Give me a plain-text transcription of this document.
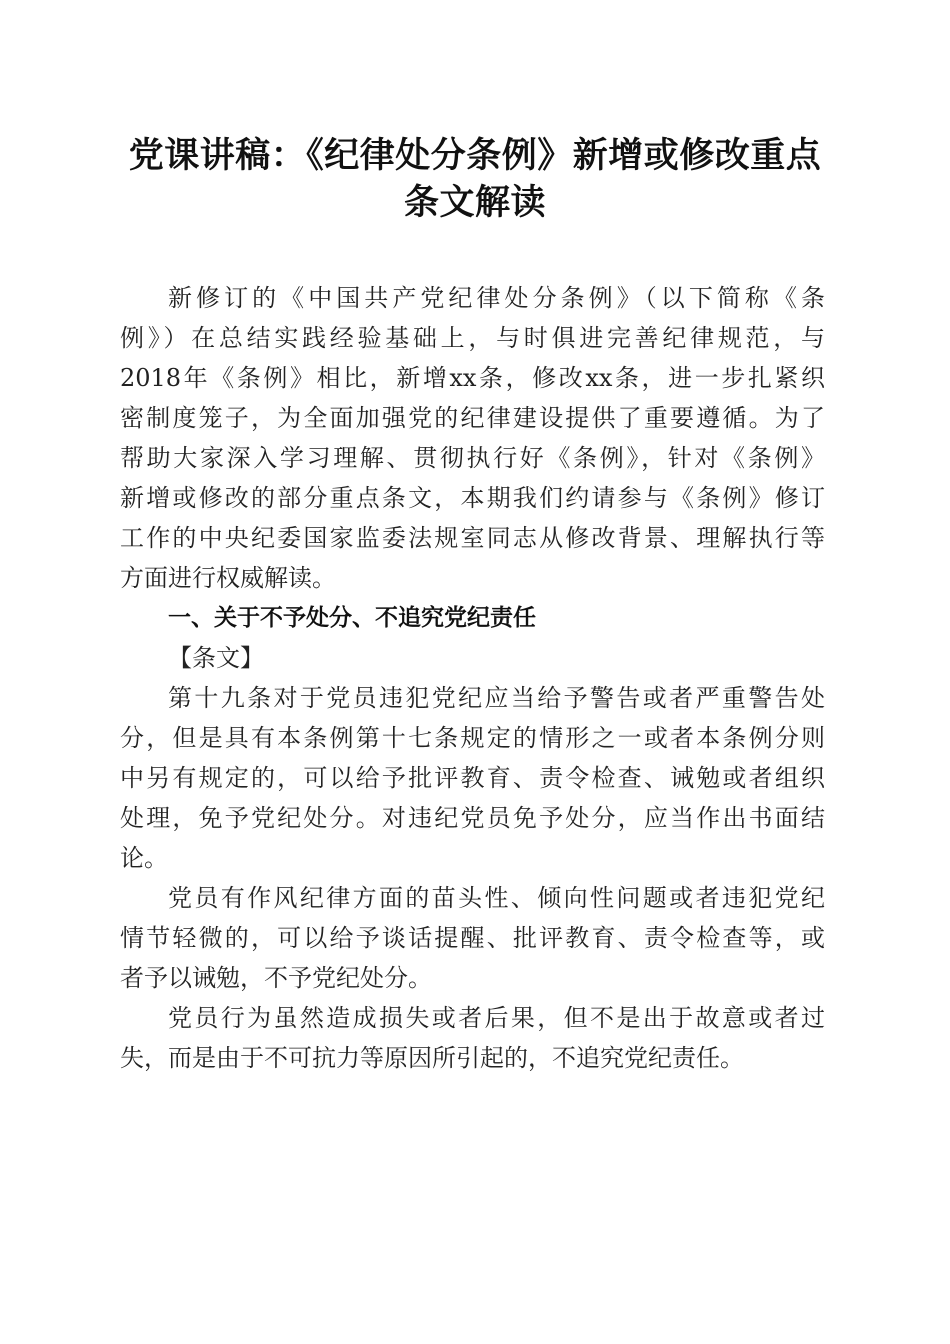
党课讲稿：《纪律处分条例》新增或修改重点
条文解读
新修订的《中国共产党纪律处分条例》（以下简称《条
例》）在总结实践经验基础上，与时俱进完善纪律规范，与
2018年《条例》相比，新增xx条，修改xx条，进一步扎紧织
密制度笼子，为全面加强党的纪律建设提供了重要遵循。为了
帮助大家深入学习理解、贯彻执行好《条例》，针对《条例》
新增或修改的部分重点条文，本期我们约请参与《条例》修订
工作的中央纪委国家监委法规室同志从修改背景、理解执行等
方面进行权威解读。
一、关于不予处分、不追究党纪责任
【条文】
第十九条对于党员违犯党纪应当给予警告或者严重警告处
分，但是具有本条例第十七条规定的情形之一或者本条例分则
中另有规定的，可以给予批评教育、责令检查、诫勉或者组织
处理，免予党纪处分。对违纪党员免予处分，应当作出书面结
论。
党员有作风纪律方面的苗头性、倾向性问题或者违犯党纪
情节轻微的，可以给予谈话提醒、批评教育、责令检查等，或
者予以诫勉，不予党纪处分。
党员行为虽然造成损失或者后果，但不是出于故意或者过
失，而是由于不可抗力等原因所引起的，不追究党纪责任。
